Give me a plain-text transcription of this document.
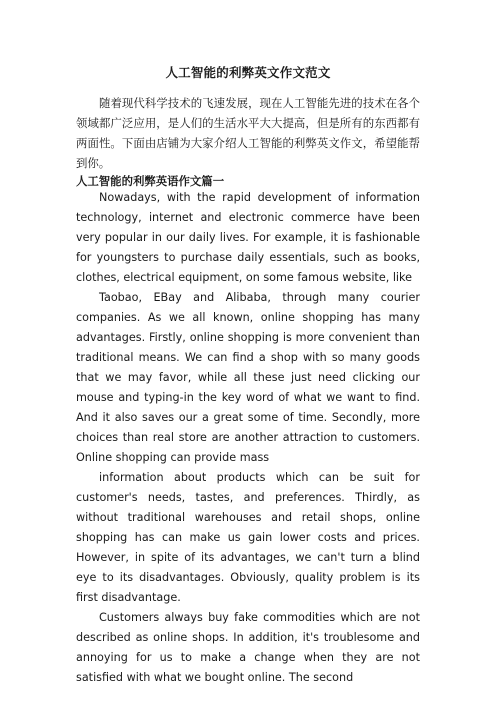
人工智能的利弊英文作文范文

随着现代科学技术的飞速发展，现在人工智能先进的技术在各个领域都广泛应用，是人们的生活水平大大提高，但是所有的东西都有两面性。下面由店铺为大家介绍人工智能的利弊英文作文，希望能帮到你。

人工智能的利弊英语作文篇一

Nowadays, with the rapid development of information technology, internet and electronic commerce have been very popular in our daily lives. For example, it is fashionable for youngsters to purchase daily essentials, such as books, clothes, electrical equipment, on some famous website, like

Taobao, EBay and Alibaba, through many courier companies. As we all known, online shopping has many advantages. Firstly, online shopping is more convenient than traditional means. We can find a shop with so many goods that we may favor, while all these just need clicking our mouse and typing-in the key word of what we want to find. And it also saves our a great some of time. Secondly, more choices than real store are another attraction to customers. Online shopping can provide mass

information about products which can be suit for customer's needs, tastes, and preferences. Thirdly, as without traditional warehouses and retail shops, online shopping has can make us gain lower costs and prices. However, in spite of its advantages, we can't turn a blind eye to its disadvantages. Obviously, quality problem is its first disadvantage.

Customers always buy fake commodities which are not described as online shops. In addition, it's troublesome and annoying for us to make a change when they are not satisfied with what we bought online. The second
